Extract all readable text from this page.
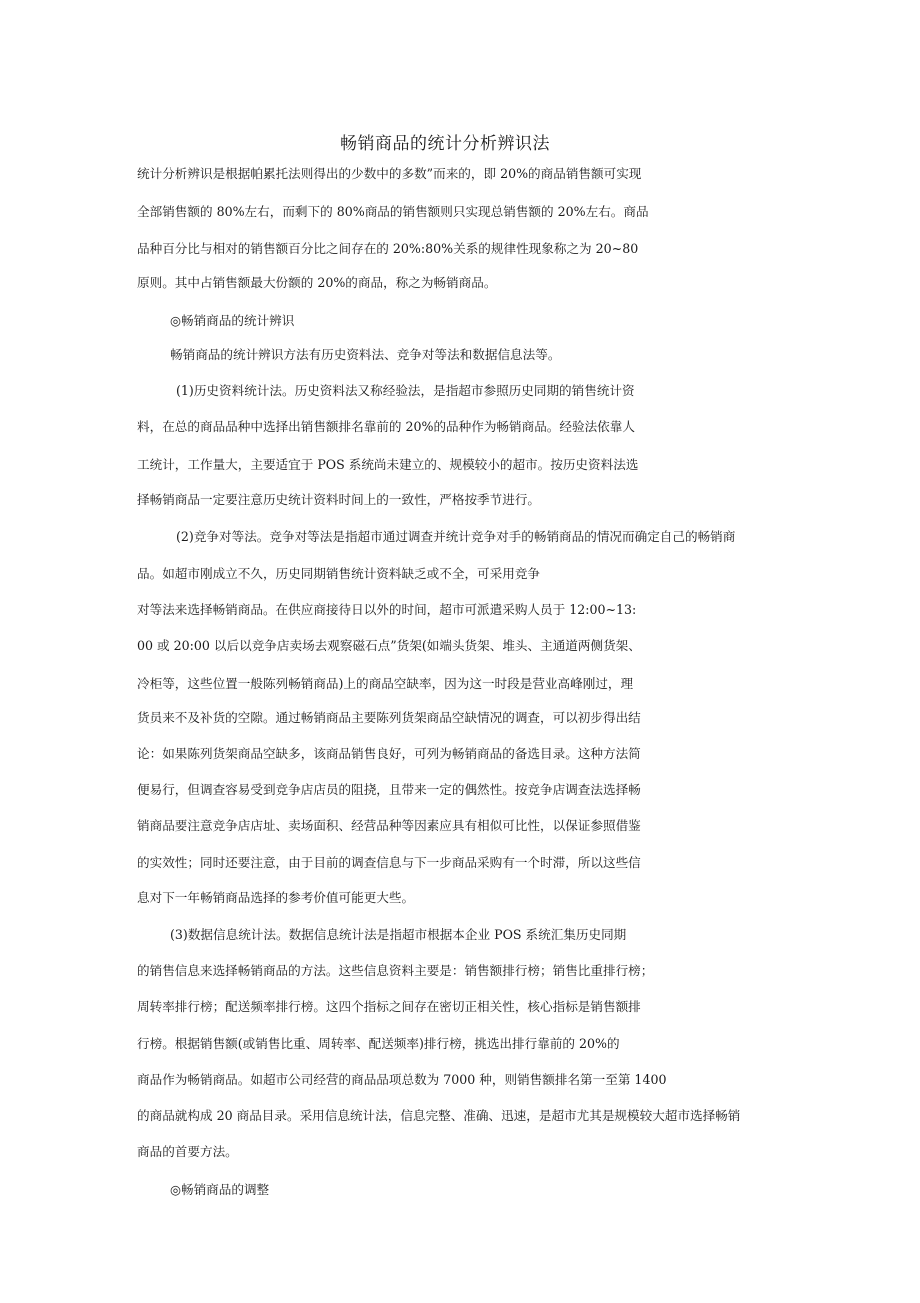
畅销商品的统计分析辨识法
统计分析辨识是根据帕累托法则得出的少数中的多数”而来的，即 20%的商品销售额可实现
全部销售额的 80%左右，而剩下的 80%商品的销售额则只实现总销售额的 20%左右。商品
品种百分比与相对的销售额百分比之间存在的 20%:80%关系的规律性现象称之为 20~80
原则。其中占销售额最大份额的 20%的商品，称之为畅销商品。
◎畅销商品的统计辨识
畅销商品的统计辨识方法有历史资料法、竞争对等法和数据信息法等。
(1)历史资料统计法。历史资料法又称经验法，是指超市参照历史同期的销售统计资
料，在总的商品品种中选择出销售额排名靠前的 20%的品种作为畅销商品。经验法依靠人
工统计，工作量大，主要适宜于 POS 系统尚未建立的、规模较小的超市。按历史资料法选
择畅销商品一定要注意历史统计资料时间上的一致性，严格按季节进行。
(2)竞争对等法。竞争对等法是指超市通过调查并统计竞争对手的畅销商品的情况而确定自己的畅销商
品。如超市刚成立不久，历史同期销售统计资料缺乏或不全，可采用竞争
对等法来选择畅销商品。在供应商接待日以外的时间，超市可派遣采购人员于 12:00~13:
00 或 20:00 以后以竞争店卖场去观察磁石点”货架(如端头货架、堆头、主通道两侧货架、
冷柜等，这些位置一般陈列畅销商品)上的商品空缺率，因为这一时段是营业高峰刚过，理
货员来不及补货的空隙。通过畅销商品主要陈列货架商品空缺情况的调查，可以初步得出结
论：如果陈列货架商品空缺多，该商品销售良好，可列为畅销商品的备选目录。这种方法简
便易行，但调查容易受到竞争店店员的阻挠，且带来一定的偶然性。按竞争店调查法选择畅
销商品要注意竞争店店址、卖场面积、经营品种等因素应具有相似可比性，以保证参照借鉴
的实效性；同时还要注意，由于目前的调查信息与下一步商品采购有一个时滞，所以这些信
息对下一年畅销商品选择的参考价值可能更大些。
(3)数据信息统计法。数据信息统计法是指超市根据本企业 POS 系统汇集历史同期
的销售信息来选择畅销商品的方法。这些信息资料主要是：销售额排行榜；销售比重排行榜；
周转率排行榜；配送频率排行榜。这四个指标之间存在密切正相关性，核心指标是销售额排
行榜。根据销售额(或销售比重、周转率、配送频率)排行榜，挑选出排行靠前的 20%的
商品作为畅销商品。如超市公司经营的商品品项总数为 7000 种，则销售额排名第一至第 1400
的商品就构成 20 商品目录。采用信息统计法，信息完整、准确、迅速，是超市尤其是规模较大超市选择畅销
商品的首要方法。
◎畅销商品的调整
